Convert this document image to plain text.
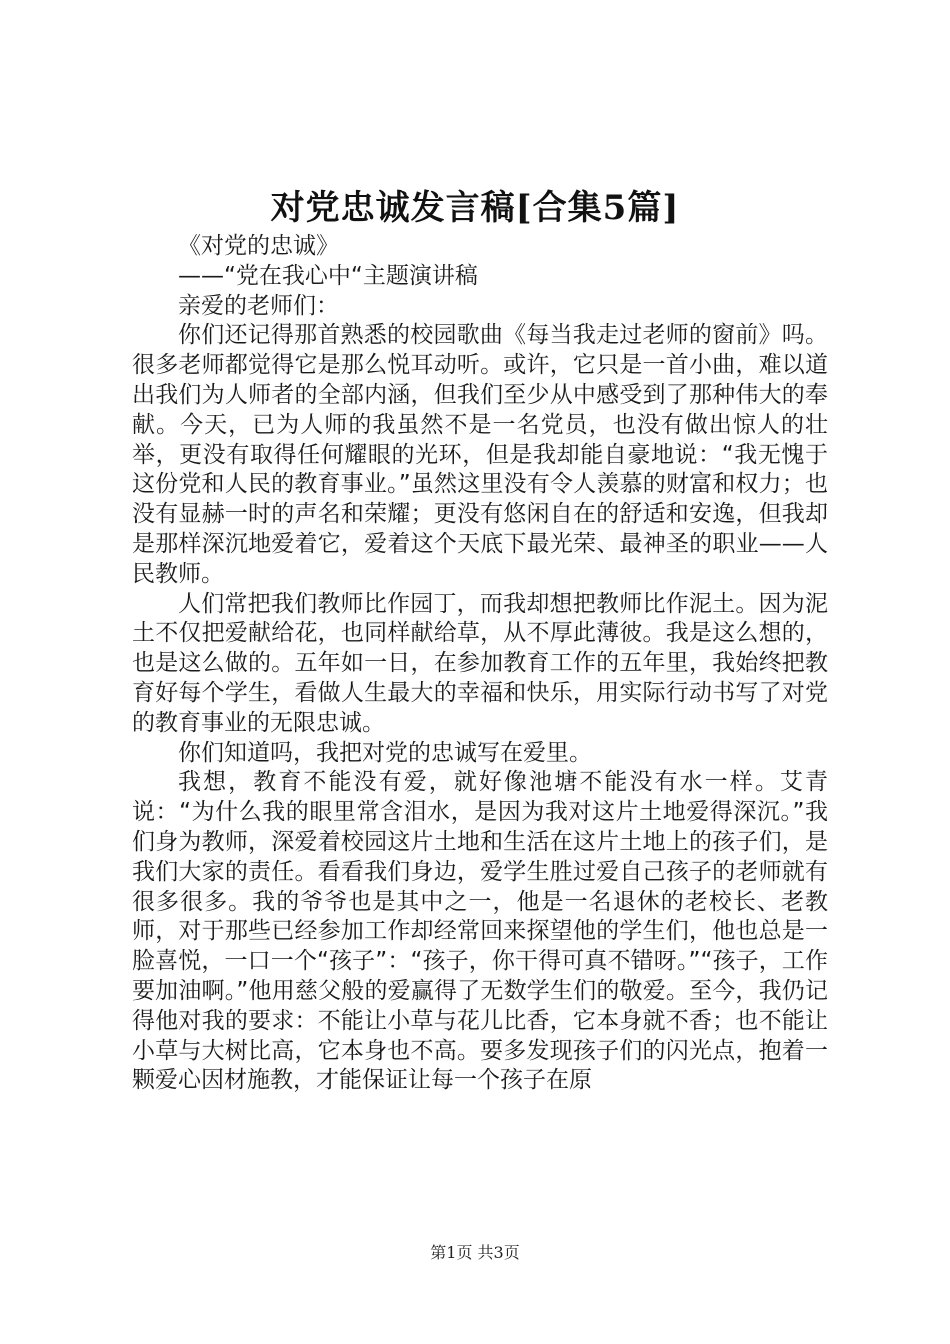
对党忠诚发言稿[合集5篇]

《对党的忠诚》

——“党在我心中“主题演讲稿

亲爱的老师们：

你们还记得那首熟悉的校园歌曲《每当我走过老师的窗前》吗。很多老师都觉得它是那么悦耳动听。或许，它只是一首小曲，难以道出我们为人师者的全部内涵，但我们至少从中感受到了那种伟大的奉献。今天，已为人师的我虽然不是一名党员，也没有做出惊人的壮举，更没有取得任何耀眼的光环，但是我却能自豪地说：“我无愧于这份党和人民的教育事业。”虽然这里没有令人羡慕的财富和权力；也没有显赫一时的声名和荣耀；更没有悠闲自在的舒适和安逸，但我却是那样深沉地爱着它，爱着这个天底下最光荣、最神圣的职业——人民教师。

人们常把我们教师比作园丁，而我却想把教师比作泥土。因为泥土不仅把爱献给花，也同样献给草，从不厚此薄彼。我是这么想的，也是这么做的。五年如一日，在参加教育工作的五年里，我始终把教育好每个学生，看做人生最大的幸福和快乐，用实际行动书写了对党的教育事业的无限忠诚。

你们知道吗，我把对党的忠诚写在爱里。

我想，教育不能没有爱，就好像池塘不能没有水一样。艾青说：“为什么我的眼里常含泪水，是因为我对这片土地爱得深沉。”我们身为教师，深爱着校园这片土地和生活在这片土地上的孩子们，是我们大家的责任。看看我们身边，爱学生胜过爱自己孩子的老师就有很多很多。我的爷爷也是其中之一，他是一名退休的老校长、老教师，对于那些已经参加工作却经常回来探望他的学生们，他也总是一脸喜悦，一口一个“孩子”：“孩子，你干得可真不错呀。”“孩子，工作要加油啊。”他用慈父般的爱赢得了无数学生们的敬爱。至今，我仍记得他对我的要求：不能让小草与花儿比香，它本身就不香；也不能让小草与大树比高，它本身也不高。要多发现孩子们的闪光点，抱着一颗爱心因材施教，才能保证让每一个孩子在原

第1页 共3页
